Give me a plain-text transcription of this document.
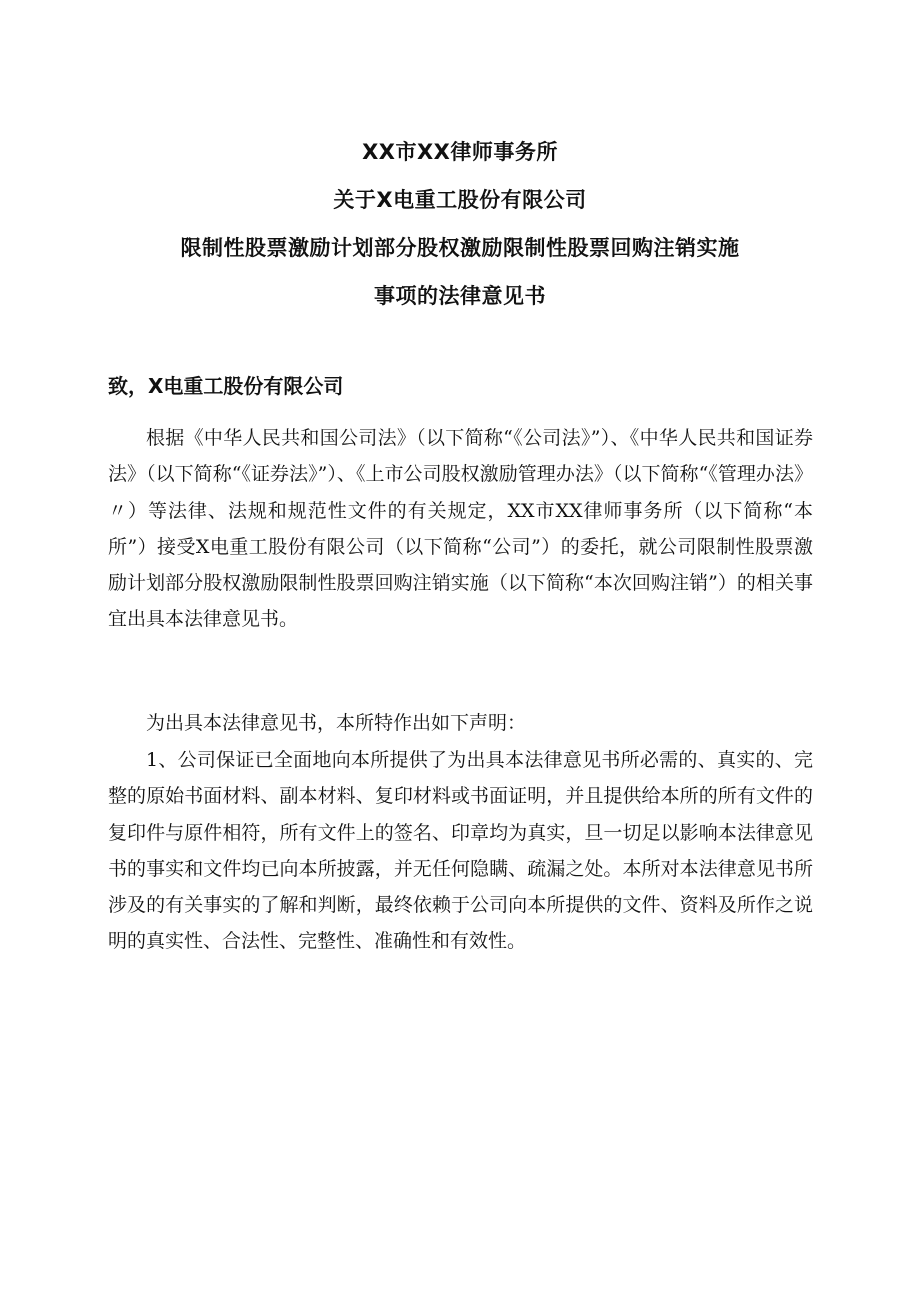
XX市XX律师事务所
关于X电重工股份有限公司
限制性股票激励计划部分股权激励限制性股票回购注销实施
事项的法律意见书
致，X电重工股份有限公司

根据《中华人民共和国公司法》（以下简称“《公司法》”）、《中华人民共和国证券法》（以下简称“《证券法》”）、《上市公司股权激励管理办法》（以下简称“《管理办法》〃）等法律、法规和规范性文件的有关规定，XX市XX律师事务所（以下简称“本所”）接受X电重工股份有限公司（以下简称“公司”）的委托，就公司限制性股票激励计划部分股权激励限制性股票回购注销实施（以下简称“本次回购注销”）的相关事宜出具本法律意见书。

为出具本法律意见书，本所特作出如下声明：

1、公司保证已全面地向本所提供了为出具本法律意见书所必需的、真实的、完整的原始书面材料、副本材料、复印材料或书面证明，并且提供给本所的所有文件的复印件与原件相符，所有文件上的签名、印章均为真实，旦一切足以影响本法律意见书的事实和文件均已向本所披露，并无任何隐瞒、疏漏之处。本所对本法律意见书所涉及的有关事实的了解和判断，最终依赖于公司向本所提供的文件、资料及所作之说明的真实性、合法性、完整性、准确性和有效性。
